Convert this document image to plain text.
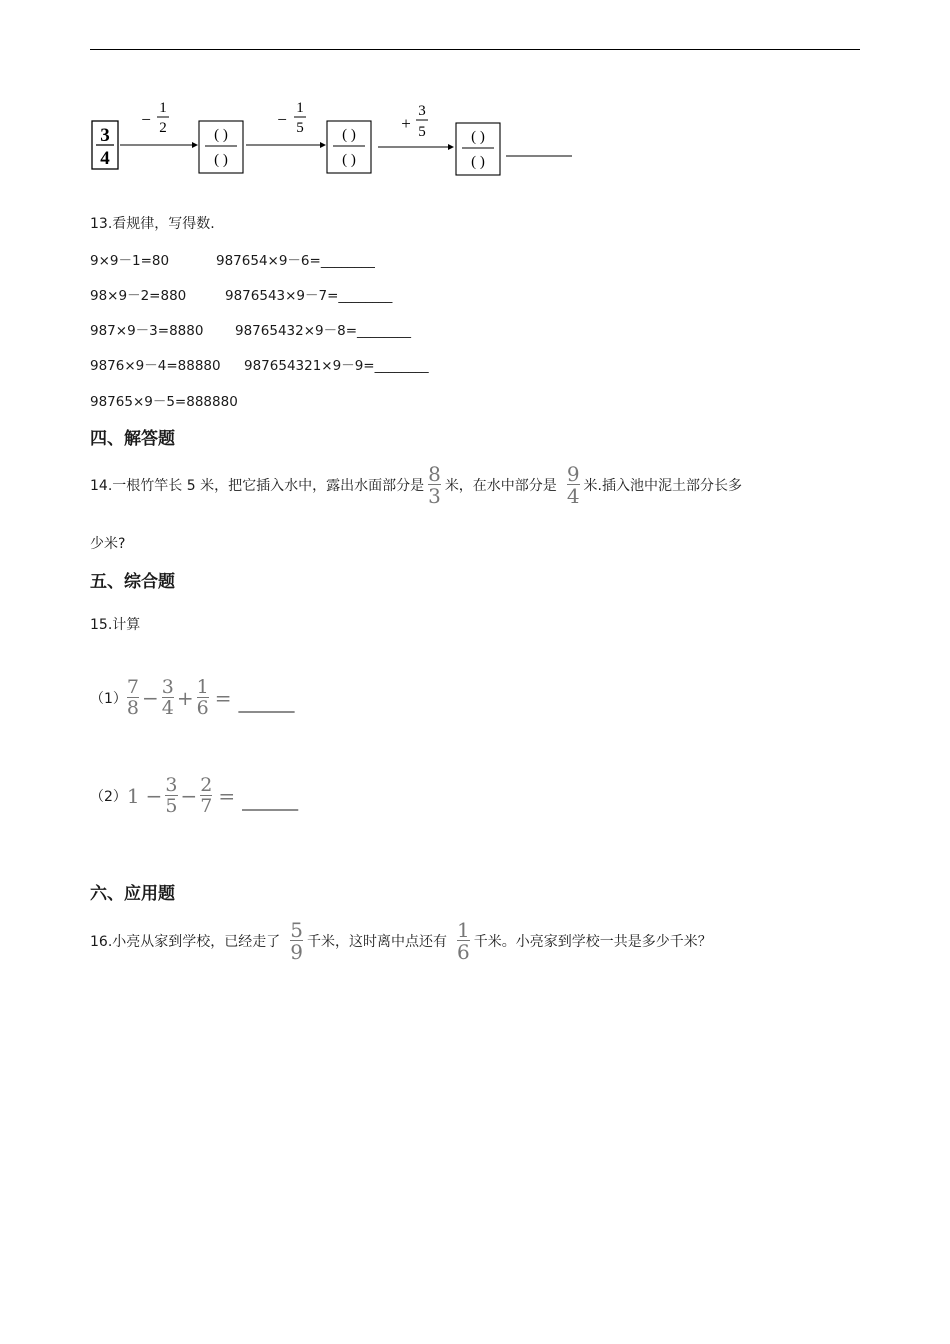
3
4
−
1
2	( )
( )
−
1
5	( )
( )
+
3
5	( )
( )
13.看规律，写得数.
9×9－1=80
98×9－2=880
987×9－3=8880
9876×9－4=88880
98765×9－5=888880
987654×9－6=________
9876543×9－7=________
98765432×9－8=________
987654321×9－9=________
四、解答题
14.一根竹竿长 5 米，把它插入水中，露出水面部分是 $\frac{8}{3}$ 米，在水中部分是 $\frac{9}{4}$ 米.插入池中泥土部分长多
少米?
五、综合题
15.计算
$(1) \frac{7}{8} - \frac{3}{4} + \frac{1}{6}$ = ________
（2） $1 - \frac{3}{5} - \frac{2}{7}$ = ________
六、应用题
16.小亮从家到学校，已经走了 $\frac{5}{9}$ 千米，这时离中点还有 $\frac{1}{6}$ 千米。小亮家到学校一共是多少千米？
